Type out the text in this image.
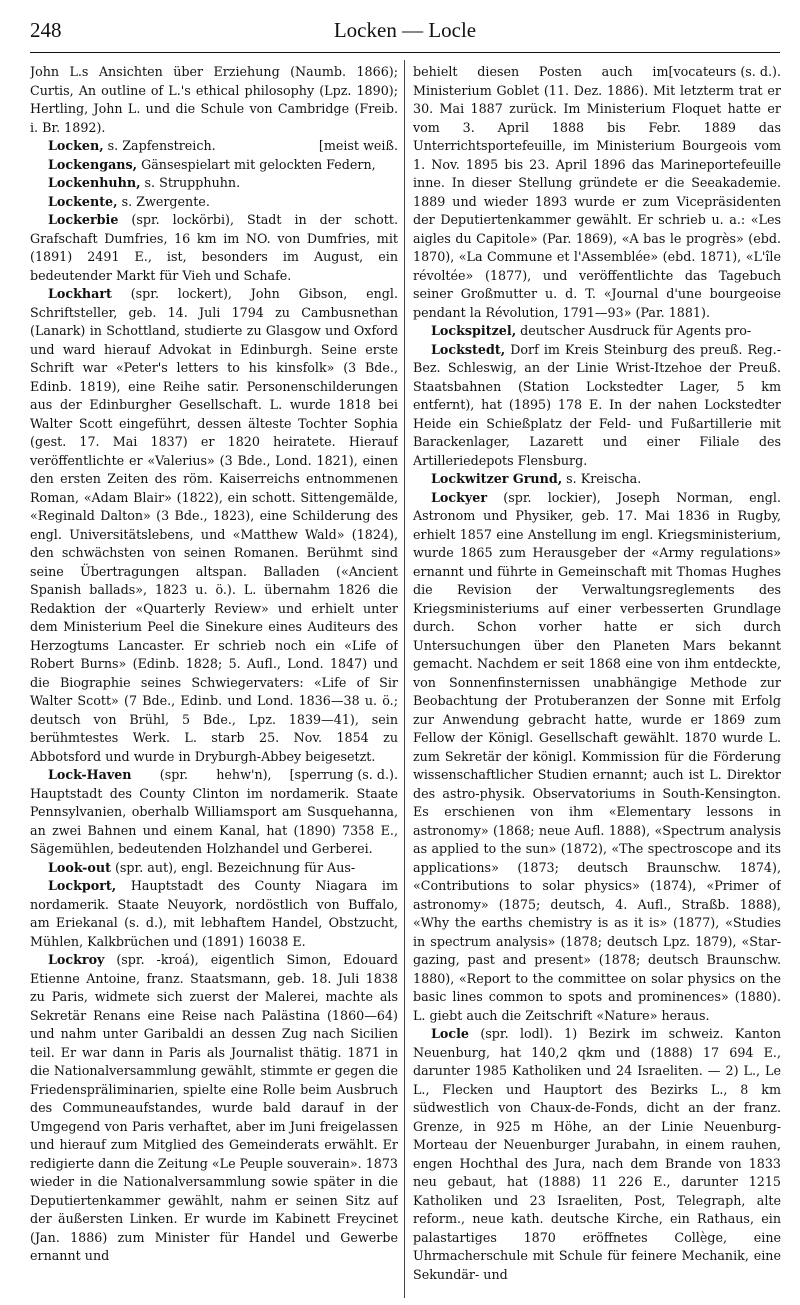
248	Locken — Locle

John L.s Ansichten über Erziehung (Naumb. 1866); Curtis, An outline of L.'s ethical philosophy (Lpz. 1890); Hertling, John L. und die Schule von Cambridge (Freib. i. Br. 1892).

[meist weiß.
Locken, s. Zapfenstreich.

Lockengans, Gänsespielart mit gelockten Federn,

Lockenhuhn, s. Strupphuhn.

Lockente, s. Zwergente.

Lockerbie (spr. lockörbi), Stadt in der schott. Grafschaft Dumfries, 16 km im NO. von Dumfries, mit (1891) 2491 E., ist, besonders im August, ein bedeutender Markt für Vieh und Schafe.

Lockhart (spr. lockert), John Gibson, engl. Schriftsteller, geb. 14. Juli 1794 zu Cambusnethan (Lanark) in Schottland, studierte zu Glasgow und Oxford und ward hierauf Advokat in Edinburgh. Seine erste Schrift war «Peter's letters to his kinsfolk» (3 Bde., Edinb. 1819), eine Reihe satir. Personenschilderungen aus der Edinburgher Gesellschaft. L. wurde 1818 bei Walter Scott eingeführt, dessen älteste Tochter Sophia (gest. 17. Mai 1837) er 1820 heiratete. Hierauf veröffentlichte er «Valerius» (3 Bde., Lond. 1821), einen den ersten Zeiten des röm. Kaiserreichs entnommenen Roman, «Adam Blair» (1822), ein schott. Sittengemälde, «Reginald Dalton» (3 Bde., 1823), eine Schilderung des engl. Universitätslebens, und «Matthew Wald» (1824), den schwächsten von seinen Romanen. Berühmt sind seine Übertragungen altspan. Balladen («Ancient Spanish ballads», 1823 u. ö.). L. übernahm 1826 die Redaktion der «Quarterly Review» und erhielt unter dem Ministerium Peel die Sinekure eines Auditeurs des Herzogtums Lancaster. Er schrieb noch ein «Life of Robert Burns» (Edinb. 1828; 5. Aufl., Lond. 1847) und die Biographie seines Schwiegervaters: «Life of Sir Walter Scott» (7 Bde., Edinb. und Lond. 1836—38 u. ö.; deutsch von Brühl, 5 Bde., Lpz. 1839—41), sein berühmtestes Werk. L. starb 25. Nov. 1854 zu Abbotsford und wurde in Dryburgh-Abbey beigesetzt.

[sperrung (s. d.).
Lock-Haven (spr. hehw'n), Hauptstadt des County Clinton im nordamerik. Staate Pennsylvanien, oberhalb Williamsport am Susquehanna, an zwei Bahnen und einem Kanal, hat (1890) 7358 E., Sägemühlen, bedeutenden Holzhandel und Gerberei.

Look-out (spr. aut), engl. Bezeichnung für Aus-

Lockport, Hauptstadt des County Niagara im nordamerik. Staate Neuyork, nordöstlich von Buffalo, am Eriekanal (s. d.), mit lebhaftem Handel, Obstzucht, Mühlen, Kalkbrüchen und (1891) 16038 E.

Lockroy (spr. -kroá), eigentlich Simon, Edouard Etienne Antoine, franz. Staatsmann, geb. 18. Juli 1838 zu Paris, widmete sich zuerst der Malerei, machte als Sekretär Renans eine Reise nach Palästina (1860—64) und nahm unter Garibaldi an dessen Zug nach Sicilien teil. Er war dann in Paris als Journalist thätig. 1871 in die Nationalversammlung gewählt, stimmte er gegen die Friedenspräliminarien, spielte eine Rolle beim Ausbruch des Communeaufstandes, wurde bald darauf in der Umgegend von Paris verhaftet, aber im Juni freigelassen und hierauf zum Mitglied des Gemeinderats erwählt. Er redigierte dann die Zeitung «Le Peuple souverain». 1873 wieder in die Nationalversammlung sowie später in die Deputiertenkammer gewählt, nahm er seinen Sitz auf der äußersten Linken. Er wurde im Kabinett Freycinet (Jan. 1886) zum Minister für Handel und Gewerbe ernannt und

[vocateurs (s. d.).
behielt diesen Posten auch im Ministerium Goblet (11. Dez. 1886). Mit letzterm trat er 30. Mai 1887 zurück. Im Ministerium Floquet hatte er vom 3. April 1888 bis Febr. 1889 das Unterrichtsportefeuille, im Ministerium Bourgeois vom 1. Nov. 1895 bis 23. April 1896 das Marineportefeuille inne. In dieser Stellung gründete er die Seeakademie. 1889 und wieder 1893 wurde er zum Vicepräsidenten der Deputiertenkammer gewählt. Er schrieb u. a.: «Les aigles du Capitole» (Par. 1869), «A bas le progrès» (ebd. 1870), «La Commune et l'Assemblée» (ebd. 1871), «L'île révoltée» (1877), und veröffentlichte das Tagebuch seiner Großmutter u. d. T. «Journal d'une bourgeoise pendant la Révolution, 1791—93» (Par. 1881).

Lockspitzel, deutscher Ausdruck für Agents pro-

Lockstedt, Dorf im Kreis Steinburg des preuß. Reg.-Bez. Schleswig, an der Linie Wrist-Itzehoe der Preuß. Staatsbahnen (Station Lockstedter Lager, 5 km entfernt), hat (1895) 178 E. In der nahen Lockstedter Heide ein Schießplatz der Feld- und Fußartillerie mit Barackenlager, Lazarett und einer Filiale des Artilleriedepots Flensburg.

Lockwitzer Grund, s. Kreischa.

Lockyer (spr. lockier), Joseph Norman, engl. Astronom und Physiker, geb. 17. Mai 1836 in Rugby, erhielt 1857 eine Anstellung im engl. Kriegsministerium, wurde 1865 zum Herausgeber der «Army regulations» ernannt und führte in Gemeinschaft mit Thomas Hughes die Revision der Verwaltungsreglements des Kriegsministeriums auf einer verbesserten Grundlage durch. Schon vorher hatte er sich durch Untersuchungen über den Planeten Mars bekannt gemacht. Nachdem er seit 1868 eine von ihm entdeckte, von Sonnenfinsternissen unabhängige Methode zur Beobachtung der Protuberanzen der Sonne mit Erfolg zur Anwendung gebracht hatte, wurde er 1869 zum Fellow der Königl. Gesellschaft gewählt. 1870 wurde L. zum Sekretär der königl. Kommission für die Förderung wissenschaftlicher Studien ernannt; auch ist L. Direktor des astro-physik. Observatoriums in South-Kensington. Es erschienen von ihm «Elementary lessons in astronomy» (1868; neue Aufl. 1888), «Spectrum analysis as applied to the sun» (1872), «The spectroscope and its applications» (1873; deutsch Braunschw. 1874), «Contributions to solar physics» (1874), «Primer of astronomy» (1875; deutsch, 4. Aufl., Straßb. 1888), «Why the earths chemistry is as it is» (1877), «Studies in spectrum analysis» (1878; deutsch Lpz. 1879), «Star-gazing, past and present» (1878; deutsch Braunschw. 1880), «Report to the committee on solar physics on the basic lines common to spots and prominences» (1880). L. giebt auch die Zeitschrift «Nature» heraus.

Locle (spr. lodl). 1) Bezirk im schweiz. Kanton Neuenburg, hat 140,2 qkm und (1888) 17 694 E., darunter 1985 Katholiken und 24 Israeliten. — 2) L., Le L., Flecken und Hauptort des Bezirks L., 8 km südwestlich von Chaux-de-Fonds, dicht an der franz. Grenze, in 925 m Höhe, an der Linie Neuenburg-Morteau der Neuenburger Jurabahn, in einem rauhen, engen Hochthal des Jura, nach dem Brande von 1833 neu gebaut, hat (1888) 11 226 E., darunter 1215 Katholiken und 23 Israeliten, Post, Telegraph, alte reform., neue kath. deutsche Kirche, ein Rathaus, ein palastartiges 1870 eröffnetes Collège, eine Uhrmacherschule mit Schule für feinere Mechanik, eine Sekundär- und
